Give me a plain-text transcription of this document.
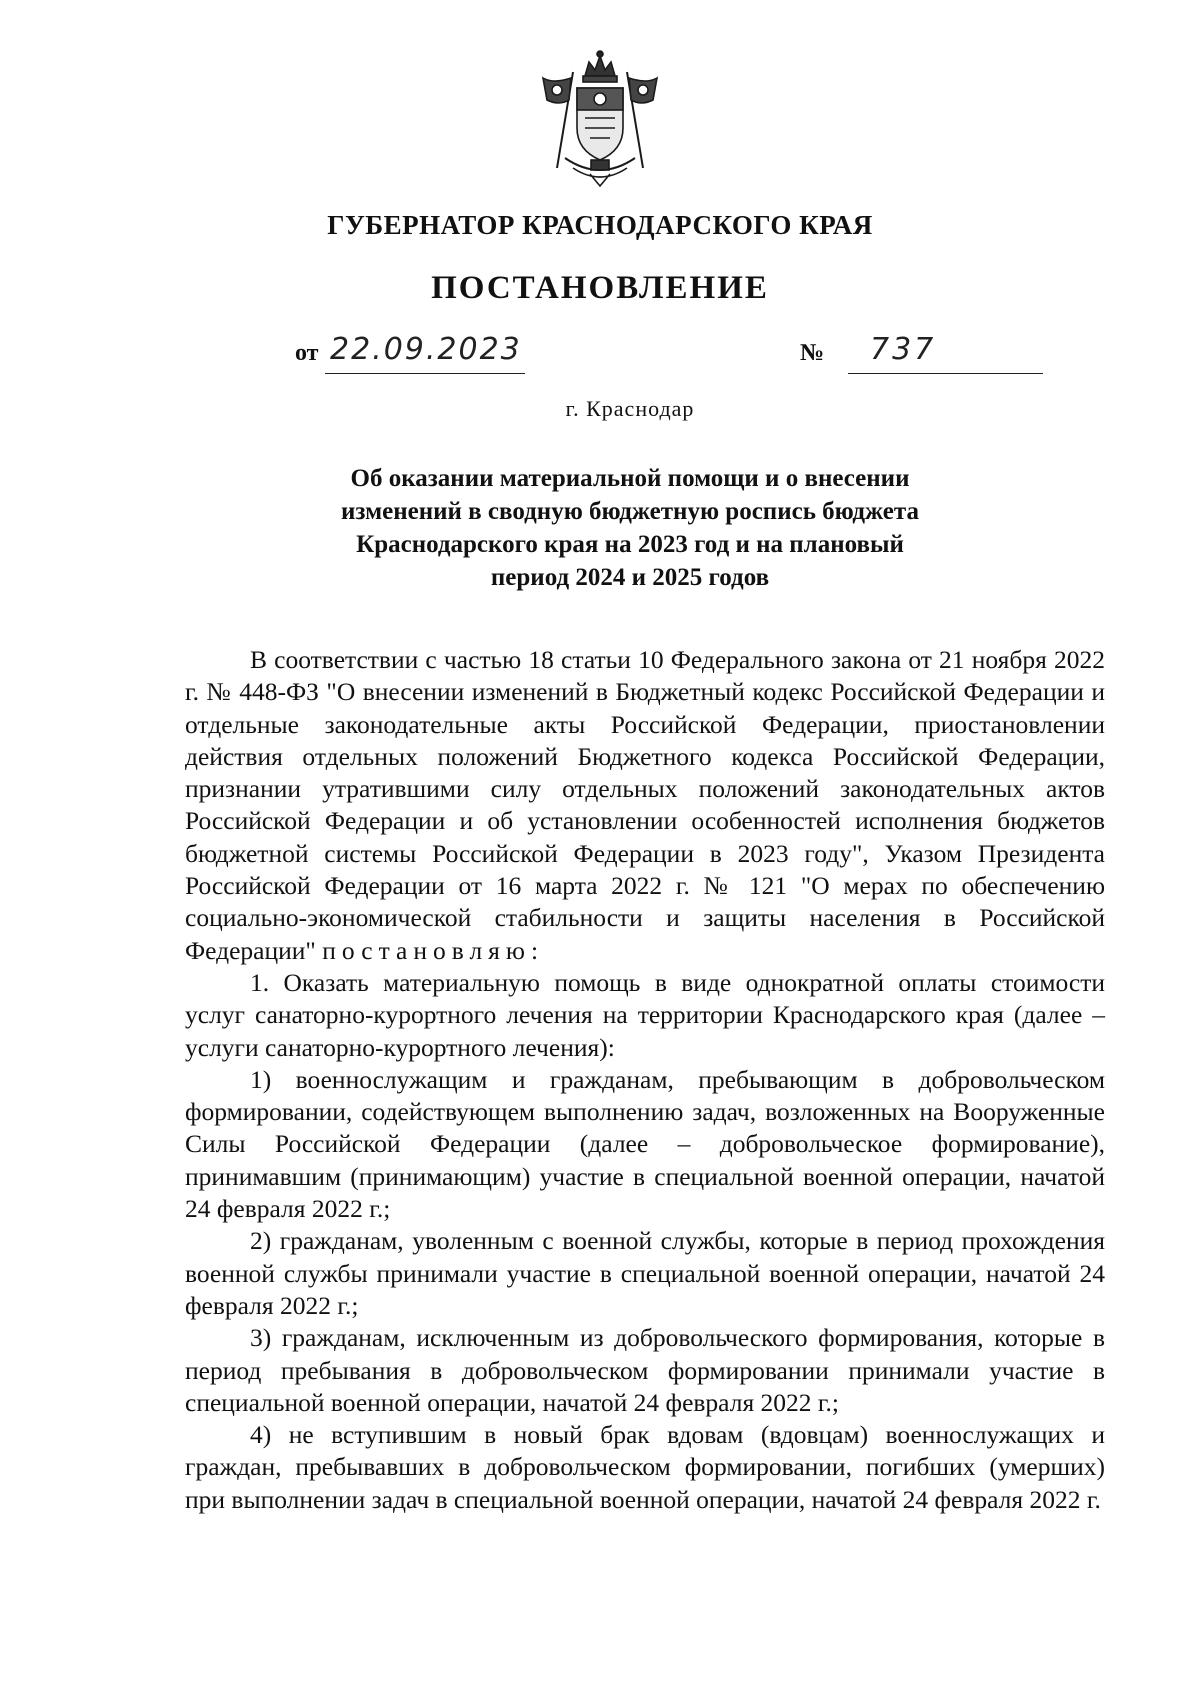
ГУБЕРНАТОР КРАСНОДАРСКОГО КРАЯ
ПОСТАНОВЛЕНИЕ
от 22.09.2023	№ 737
г. Краснодар
Об оказании материальной помощи и о внесении
изменений в сводную бюджетную роспись бюджета
Краснодарского края на 2023 год и на плановый
период 2024 и 2025 годов

В соответствии с частью 18 статьи 10 Федерального закона от 21 ноября 2022 г. № 448-ФЗ "О внесении изменений в Бюджетный кодекс Российской Федерации и отдельные законодательные акты Российской Федерации, приостановлении действия отдельных положений Бюджетного кодекса Российской Федерации, признании утратившими силу отдельных положений законодательных актов Российской Федерации и об установлении особенностей исполнения бюджетов бюджетной системы Российской Федерации в 2023 году", Указом Президента Российской Федерации от 16 марта 2022 г. № 121 "О мерах по обеспечению социально-экономической стабильности и защиты населения в Российской Федерации" постановляю:

1. Оказать материальную помощь в виде однократной оплаты стоимости услуг санаторно-курортного лечения на территории Краснодарского края (далее – услуги санаторно-курортного лечения):

1) военнослужащим и гражданам, пребывающим в добровольческом формировании, содействующем выполнению задач, возложенных на Вооруженные Силы Российской Федерации (далее – добровольческое формирование), принимавшим (принимающим) участие в специальной военной операции, начатой 24 февраля 2022 г.;

2) гражданам, уволенным с военной службы, которые в период прохождения военной службы принимали участие в специальной военной операции, начатой 24 февраля 2022 г.;

3) гражданам, исключенным из добровольческого формирования, которые в период пребывания в добровольческом формировании принимали участие в специальной военной операции, начатой 24 февраля 2022 г.;

4) не вступившим в новый брак вдовам (вдовцам) военнослужащих и граждан, пребывавших в добровольческом формировании, погибших (умерших) при выполнении задач в специальной военной операции, начатой 24 февраля 2022 г.
